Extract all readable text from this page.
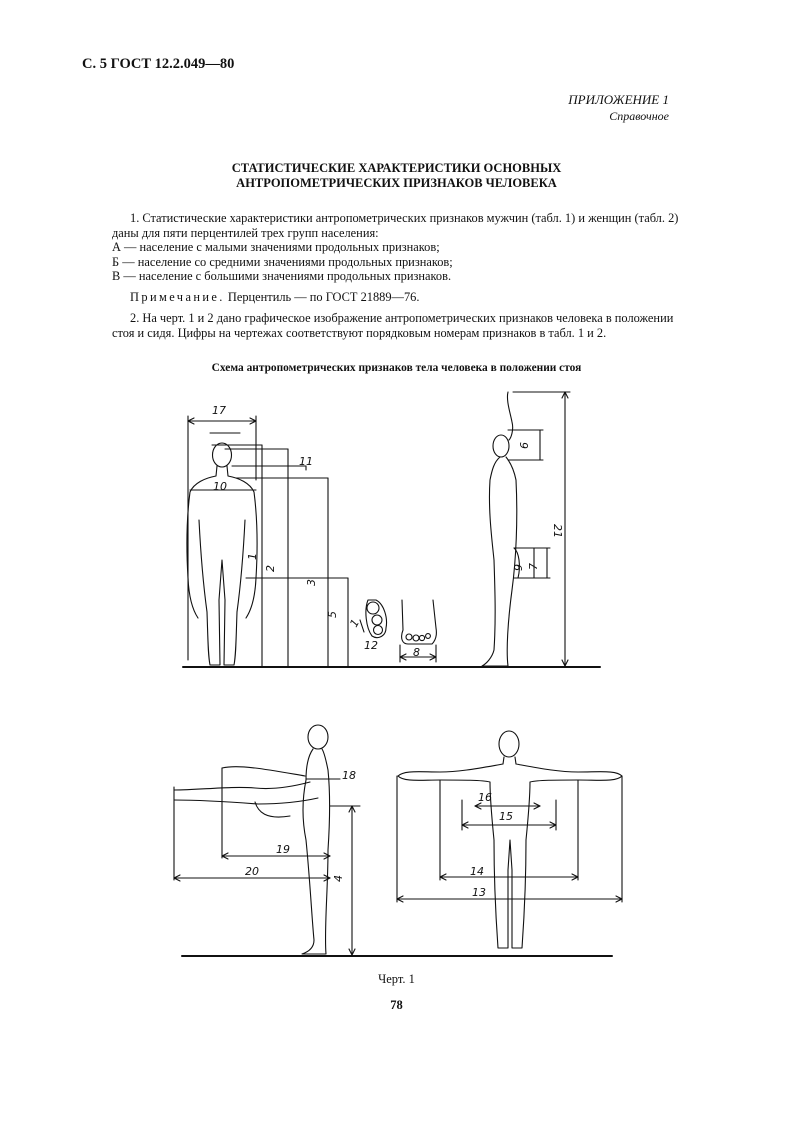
С. 5 ГОСТ 12.2.049—80
ПРИЛОЖЕНИЕ 1
Справочное
СТАТИСТИЧЕСКИЕ ХАРАКТЕРИСТИКИ ОСНОВНЫХ
АНТРОПОМЕТРИЧЕСКИХ ПРИЗНАКОВ ЧЕЛОВЕКА
1. Статистические характеристики антропометрических признаков мужчин (табл. 1) и женщин (табл. 2)
даны для пяти перцентилей трех групп населения:
А — население с малыми значениями продольных признаков;
Б — население со средними значениями продольных признаков;
В — население с большими значениями продольных признаков.
Примечание. Перцентиль — по ГОСТ 21889—76.
2. На черт. 1 и 2 дано графическое изображение антропометрических признаков человека в положении

стоя и сидя. Цифры на чертежах соответствуют порядковым номерам признаков в табл. 1 и 2.
Схема антропометрических признаков тела человека в положении стоя
17
10
11
1
2
3
5
1
12
8
6
21
9 7
18
19
20
4
16
15
14
13
Черт. 1
78
